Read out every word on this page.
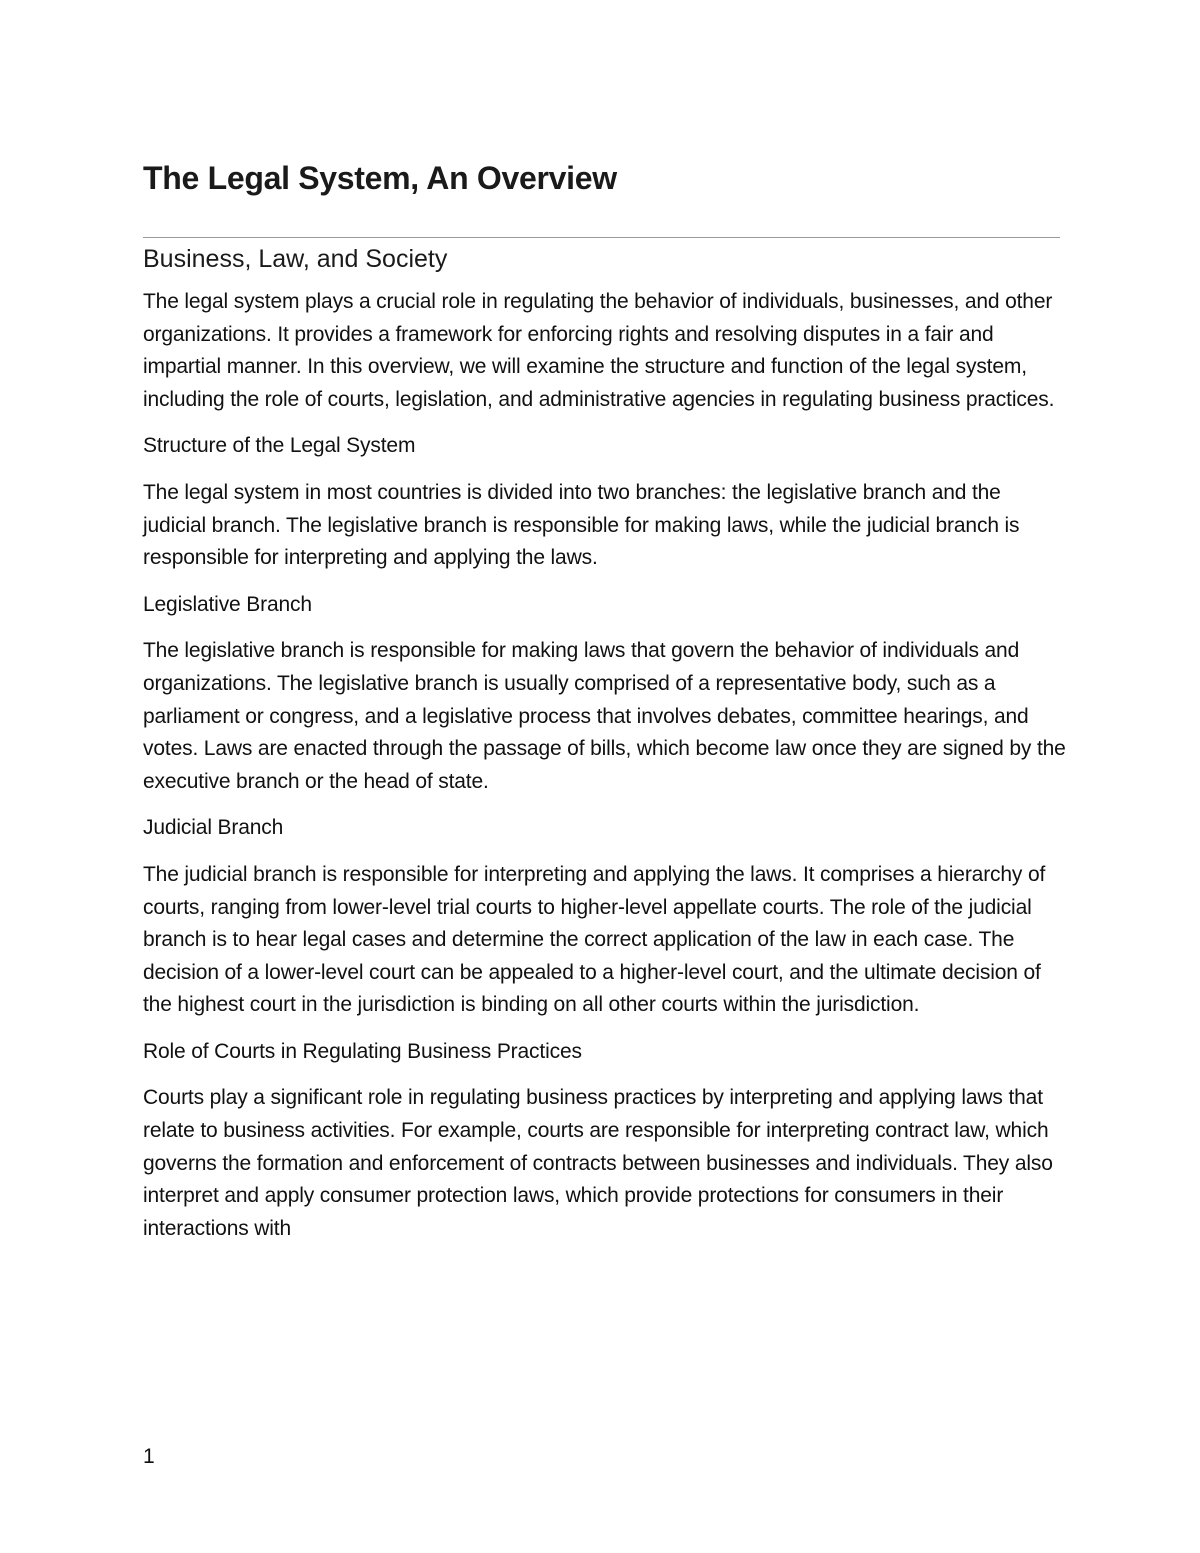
The Legal System, An Overview
Business, Law, and Society

The legal system plays a crucial role in regulating the behavior of individuals, businesses, and other organizations. It provides a framework for enforcing rights and resolving disputes in a fair and impartial manner. In this overview, we will examine the structure and function of the legal system, including the role of courts, legislation, and administrative agencies in regulating business practices.

Structure of the Legal System

The legal system in most countries is divided into two branches: the legislative branch and the judicial branch. The legislative branch is responsible for making laws, while the judicial branch is responsible for interpreting and applying the laws.

Legislative Branch

The legislative branch is responsible for making laws that govern the behavior of individuals and organizations. The legislative branch is usually comprised of a representative body, such as a parliament or congress, and a legislative process that involves debates, committee hearings, and votes. Laws are enacted through the passage of bills, which become law once they are signed by the executive branch or the head of state.

Judicial Branch

The judicial branch is responsible for interpreting and applying the laws. It comprises a hierarchy of courts, ranging from lower-level trial courts to higher-level appellate courts. The role of the judicial branch is to hear legal cases and determine the correct application of the law in each case. The decision of a lower-level court can be appealed to a higher-level court, and the ultimate decision of the highest court in the jurisdiction is binding on all other courts within the jurisdiction.

Role of Courts in Regulating Business Practices

Courts play a significant role in regulating business practices by interpreting and applying laws that relate to business activities. For example, courts are responsible for interpreting contract law, which governs the formation and enforcement of contracts between businesses and individuals. They also interpret and apply consumer protection laws, which provide protections for consumers in their interactions with

1
